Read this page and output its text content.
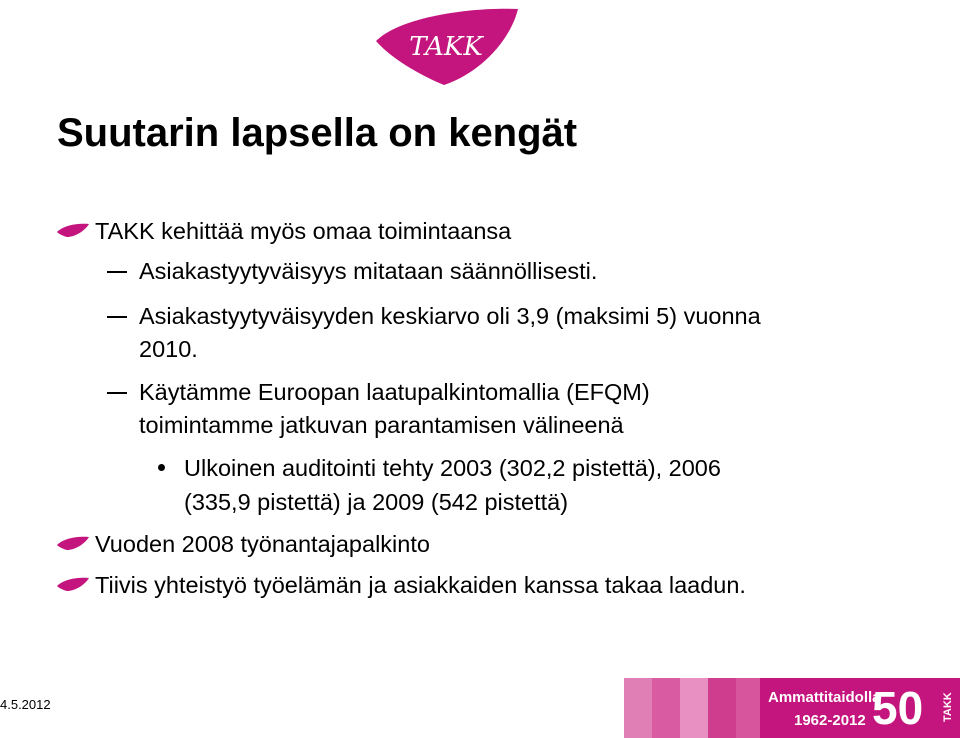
TAKK
Suutarin lapsella on kengät
TAKK kehittää myös omaa toimintaansa
Asiakastyytyväisyys mitataan säännöllisesti.
Asiakastyytyväisyyden keskiarvo oli 3,9 (maksimi 5) vuonna
2010.
Käytämme Euroopan laatupalkintomallia (EFQM)
toimintamme jatkuvan parantamisen välineenä
Ulkoinen auditointi tehty 2003 (302,2 pistettä), 2006
(335,9 pistettä) ja 2009 (542 pistettä)
Vuoden 2008 työnantajapalkinto
Tiivis yhteistyö työelämän ja asiakkaiden kanssa takaa laadun.
4.5.2012	Ammattitaidolla
1962-2012 50 TAKK
